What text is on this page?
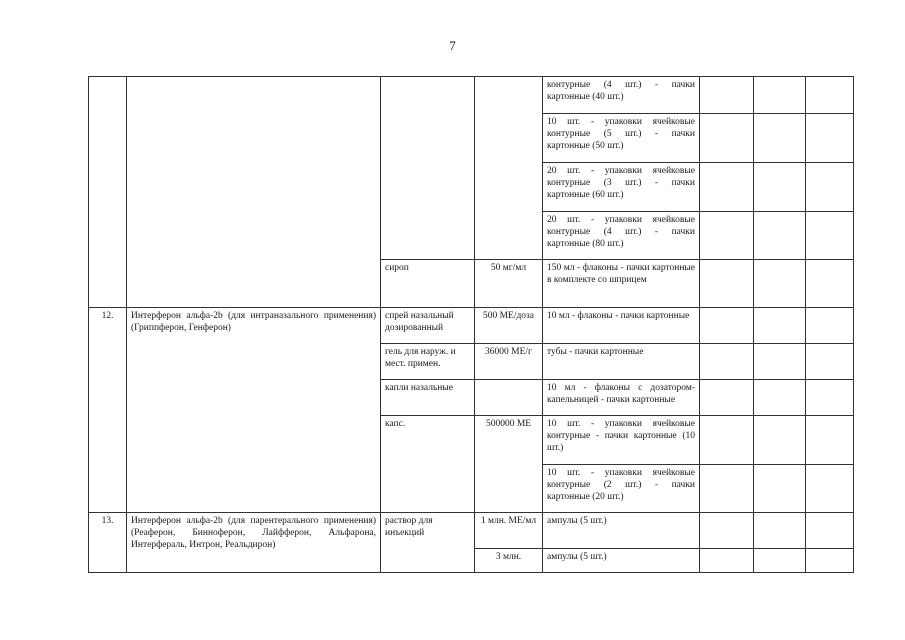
7
				контурные (4 шт.) - пачки картонные (40 шт.)			
				10 шт. - упаковки ячейковые контурные (5 шт.) - пачки картонные (50 шт.)			
				20 шт. - упаковки ячейковые контурные (3 шт.) - пачки картонные (60 шт.)			
				20 шт. - упаковки ячейковые контурные (4 шт.) - пачки картонные (80 шт.)			
		сироп	50 мг/мл	150 мл - флаконы - пачки картонные в комплекте со шприцем			
12.	Интерферон альфа-2b (для интраназального применения) (Гриппферон, Генферон)	спрей назальный дозированный	500 МЕ/доза	10 мл - флаконы - пачки картонные			
		гель для наруж. и мест. примен.	36000 МЕ/г	тубы - пачки картонные			
		капли назальные		10 мл - флаконы с дозатором-капельницей - пачки картонные			
		капс.	500000 МЕ	10 шт. - упаковки ячейковые контурные - пачки картонные (10 шт.)			
				10 шт. - упаковки ячейковые контурные (2 шт.) - пачки картонные (20 шт.)			
13.	Интерферон альфа-2b (для парентерального применения) (Реаферон, Бинноферон, Лайфферон, Альфарона, Интерфераль, Интрон, Реальдирон)	раствор для инъекций	1 млн. МЕ/мл	ампулы (5 шт.)			
			3 млн.	ампулы (5 шт.)			
